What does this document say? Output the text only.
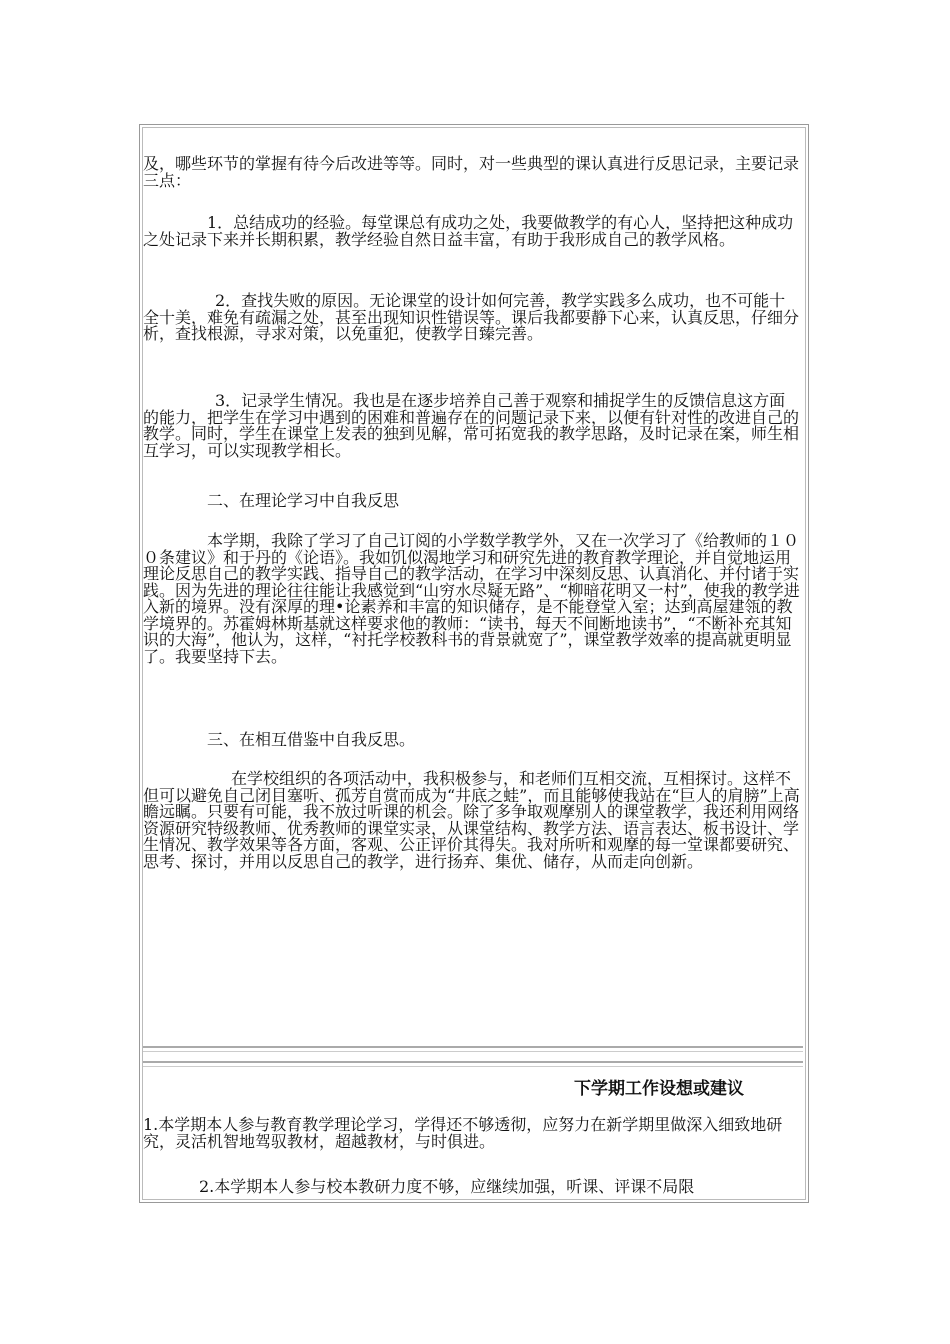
及，哪些环节的掌握有待今后改进等等。同时，对一些典型的课认真进行反思记录，主要记录三点：

1．总结成功的经验。每堂课总有成功之处，我要做教学的有心人，坚持把这种成功之处记录下来并长期积累，教学经验自然日益丰富，有助于我形成自己的教学风格。

2．查找失败的原因。无论课堂的设计如何完善，教学实践多么成功，也不可能十全十美，难免有疏漏之处，甚至出现知识性错误等。课后我都要静下心来，认真反思，仔细分析，查找根源，寻求对策，以免重犯，使教学日臻完善。

3．记录学生情况。我也是在逐步培养自己善于观察和捕捉学生的反馈信息这方面的能力，把学生在学习中遇到的困难和普遍存在的问题记录下来，以便有针对性的改进自己的教学。同时，学生在课堂上发表的独到见解，常可拓宽我的教学思路，及时记录在案，师生相互学习，可以实现教学相长。

二、在理论学习中自我反思

本学期，我除了学习了自己订阅的小学数学教学外，又在一次学习了《给教师的１００条建议》和于丹的《论语》。我如饥似渴地学习和研究先进的教育教学理论，并自觉地运用理论反思自己的教学实践、指导自己的教学活动，在学习中深刻反思、认真消化、并付诸于实践。因为先进的理论往往能让我感觉到“山穷水尽疑无路”、“柳暗花明又一村”，使我的教学进入新的境界。没有深厚的理•论素养和丰富的知识储存，是不能登堂入室；达到高屋建瓴的教学境界的。苏霍姆林斯基就这样要求他的教师：“读书，每天不间断地读书”，“不断补充其知识的大海”，他认为，这样，“衬托学校教科书的背景就宽了”，课堂教学效率的提高就更明显了。我要坚持下去。

三、在相互借鉴中自我反思。

在学校组织的各项活动中，我积极参与，和老师们互相交流，互相探讨。这样不但可以避免自己闭目塞听、孤芳自赏而成为“井底之蛙”，而且能够使我站在“巨人的肩膀”上高瞻远瞩。只要有可能，我不放过听课的机会。除了多争取观摩别人的课堂教学，我还利用网络资源研究特级教师、优秀教师的课堂实录，从课堂结构、教学方法、语言表达、板书设计、学生情况、教学效果等各方面，客观、公正评价其得失。我对所听和观摩的每一堂课都要研究、思考、探讨，并用以反思自己的教学，进行扬弃、集优、储存，从而走向创新。

下学期工作设想或建议

1.本学期本人参与教育教学理论学习，学得还不够透彻，应努力在新学期里做深入细致地研究，灵活机智地驾驭教材，超越教材，与时俱进。

2.本学期本人参与校本教研力度不够，应继续加强，听课、评课不局限
